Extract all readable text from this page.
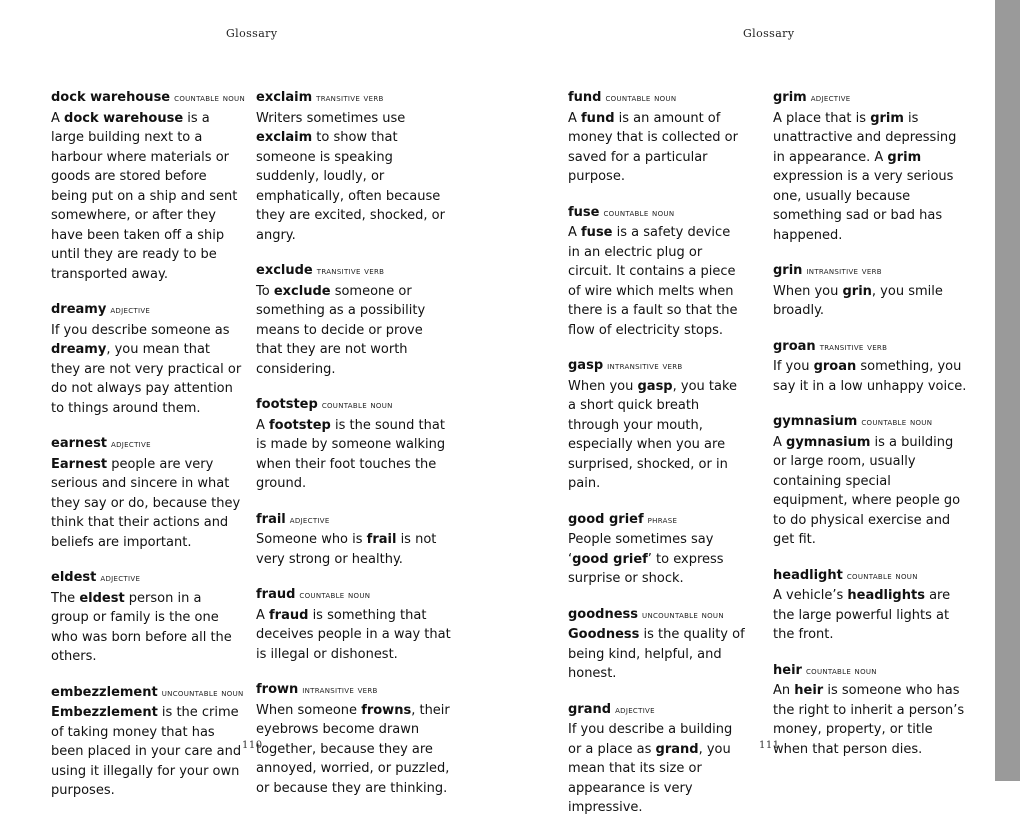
Glossary
dock warehouse countable noun
A dock warehouse is a large building next to a harbour where materials or goods are stored before being put on a ship and sent somewhere, or after they have been taken off a ship until they are ready to be transported away.
dreamy adjective
If you describe someone as dreamy, you mean that they are not very practical or do not always pay attention to things around them.
earnest adjective
Earnest people are very serious and sincere in what they say or do, because they think that their actions and beliefs are important.
eldest adjective
The eldest person in a group or family is the one who was born before all the others.
embezzlement uncountable noun
Embezzlement is the crime of taking money that has been placed in your care and using it illegally for your own purposes.
exclaim transitive verb
Writers sometimes use exclaim to show that someone is speaking suddenly, loudly, or emphatically, often because they are excited, shocked, or angry.
exclude transitive verb
To exclude someone or something as a possibility means to decide or prove that they are not worth considering.
footstep countable noun
A footstep is the sound that is made by someone walking when their foot touches the ground.
frail adjective
Someone who is frail is not very strong or healthy.
fraud countable noun
A fraud is something that deceives people in a way that is illegal or dishonest.
frown intransitive verb
When someone frowns, their eyebrows become drawn together, because they are annoyed, worried, or puzzled, or because they are thinking.
110
Glossary
fund countable noun
A fund is an amount of money that is collected or saved for a particular purpose.
fuse countable noun
A fuse is a safety device in an electric plug or circuit. It contains a piece of wire which melts when there is a fault so that the flow of electricity stops.
gasp intransitive verb
When you gasp, you take a short quick breath through your mouth, especially when you are surprised, shocked, or in pain.
good grief phrase
People sometimes say ‘good grief’ to express surprise or shock.
goodness uncountable noun
Goodness is the quality of being kind, helpful, and honest.
grand adjective
If you describe a building or a place as grand, you mean that its size or appearance is very impressive.
grim adjective
A place that is grim is unattractive and depressing in appearance. A grim expression is a very serious one, usually because something sad or bad has happened.
grin intransitive verb
When you grin, you smile broadly.
groan transitive verb
If you groan something, you say it in a low unhappy voice.
gymnasium countable noun
A gymnasium is a building or large room, usually containing special equipment, where people go to do physical exercise and get fit.
headlight countable noun
A vehicle’s headlights are the large powerful lights at the front.
heir countable noun
An heir is someone who has the right to inherit a person’s money, property, or title when that person dies.
111
